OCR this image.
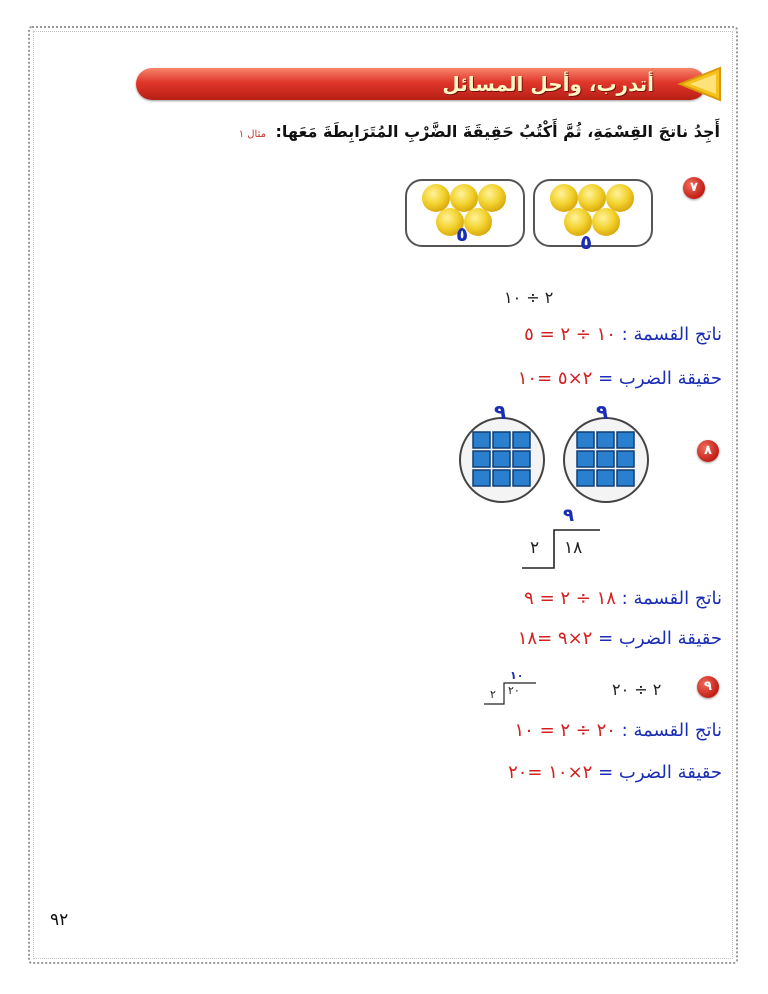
أتدرب، وأحل المسائل
أَجِدُ ناتجَ القِسْمَةِ، ثُمَّ أَكْتُبُ حَقِيقَةَ الضَّرْبِ المُتَرَابِطَةَ مَعَها: مثال ١
٧
٥	٥
٢ ÷ ١٠
ناتج القسمة : ١٠ ÷ ٢ = ٥
حقيقة الضرب = ٢×٥ =١٠
٨
٩	٩
٩
٢ ١٨
ناتج القسمة : ١٨ ÷ ٢ = ٩
حقيقة الضرب = ٢×٩ =١٨
٩
٢ ÷ ٢٠
١٠
٢ ٢٠
ناتج القسمة : ٢٠ ÷ ٢ = ١٠
حقيقة الضرب = ٢×١٠ =٢٠
٩٢
